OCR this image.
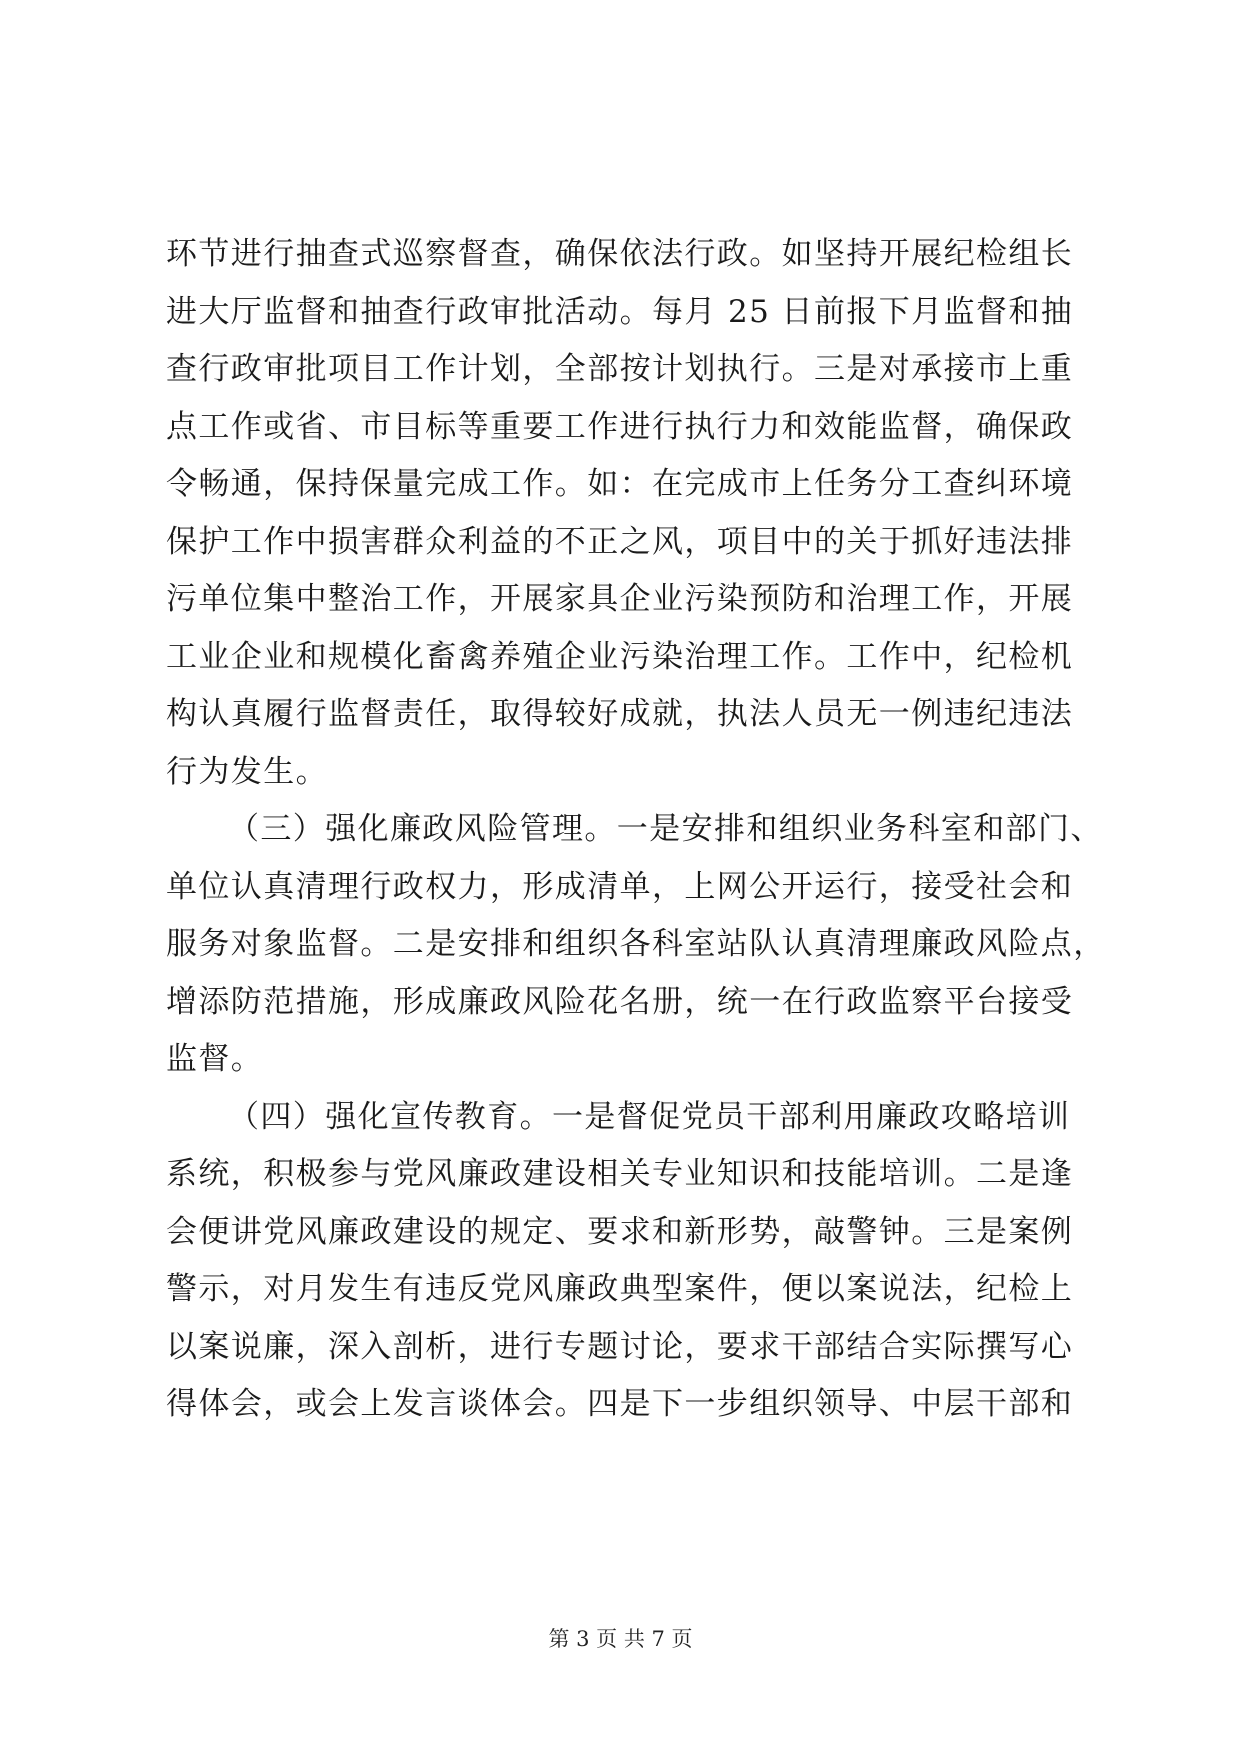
环节进行抽查式巡察督查，确保依法行政。如坚持开展纪检组长
进大厅监督和抽查行政审批活动。每月 25 日前报下月监督和抽
查行政审批项目工作计划，全部按计划执行。三是对承接市上重
点工作或省、市目标等重要工作进行执行力和效能监督，确保政
令畅通，保持保量完成工作。如：在完成市上任务分工查纠环境
保护工作中损害群众利益的不正之风，项目中的关于抓好违法排
污单位集中整治工作，开展家具企业污染预防和治理工作，开展
工业企业和规模化畜禽养殖企业污染治理工作。工作中，纪检机
构认真履行监督责任，取得较好成就，执法人员无一例违纪违法
行为发生。
（三）强化廉政风险管理。一是安排和组织业务科室和部门、
单位认真清理行政权力，形成清单，上网公开运行，接受社会和
服务对象监督。二是安排和组织各科室站队认真清理廉政风险点，
增添防范措施，形成廉政风险花名册，统一在行政监察平台接受
监督。
（四）强化宣传教育。一是督促党员干部利用廉政攻略培训
系统，积极参与党风廉政建设相关专业知识和技能培训。二是逢
会便讲党风廉政建设的规定、要求和新形势，敲警钟。三是案例
警示，对月发生有违反党风廉政典型案件，便以案说法，纪检上
以案说廉，深入剖析，进行专题讨论，要求干部结合实际撰写心
得体会，或会上发言谈体会。四是下一步组织领导、中层干部和
第 3 页 共 7 页
